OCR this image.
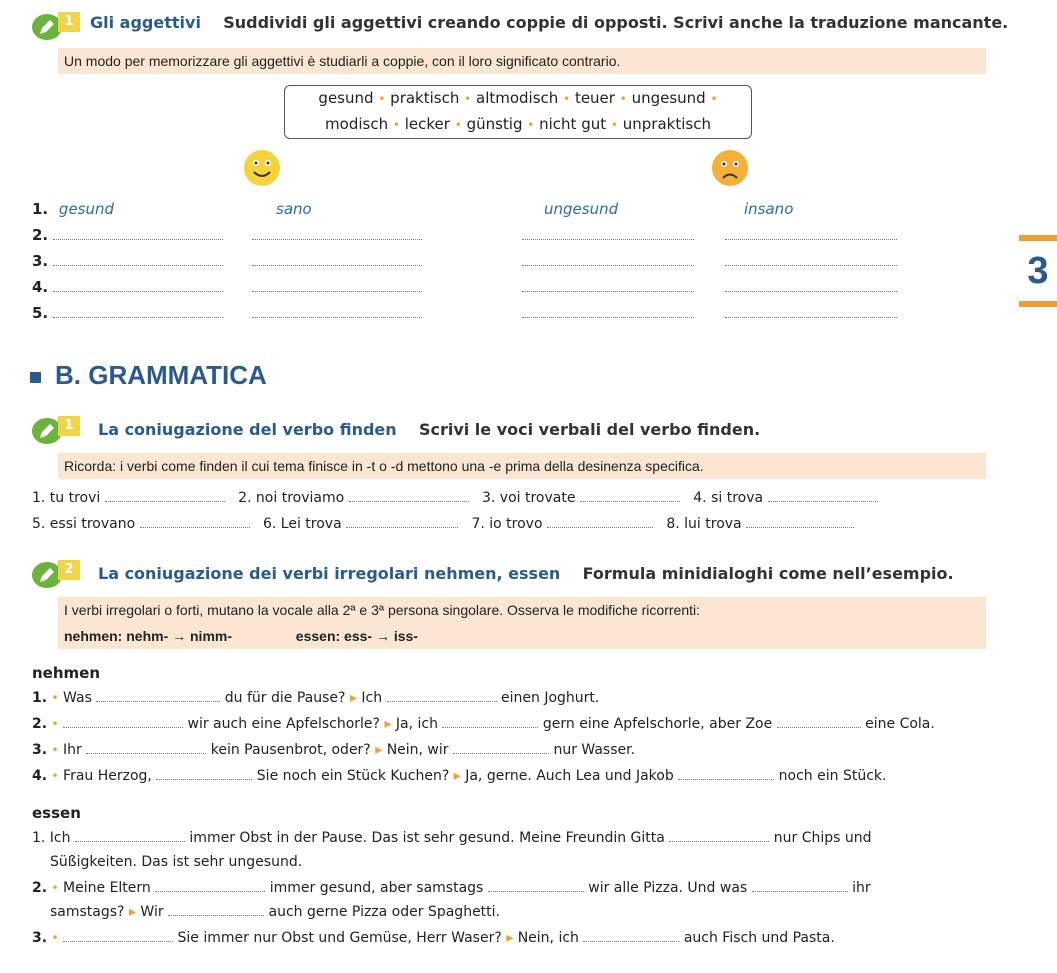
1	Gli aggettivi Suddividi gli aggettivi creando coppie di opposti. Scrivi anche la traduzione mancante.
Un modo per memorizzare gli aggettivi è studiarli a coppie, con il loro significato contrario.
gesund • praktisch • altmodisch • teuer • ungesund •
modisch • lecker • günstig • nicht gut • unpraktisch
1. gesund	sano	ungesund	insano
2.
3.
4.
5.
3
B. GRAMMATICA
1	La coniugazione del verbo finden Scrivi le voci verbali del verbo finden.
Ricorda: i verbi come finden il cui tema finisce in -t o -d mettono una -e prima della desinenza specifica.
1. tu trovi	2. noi troviamo	3. voi trovate	4. si trova
5. essi trovano	6. Lei trova	7. io trovo	8. lui trova
2	La coniugazione dei verbi irregolari nehmen, essen Formula minidialoghi come nell’esempio.
I verbi irregolari o forti, mutano la vocale alla 2ª e 3ª persona singolare. Osserva le modifiche ricorrenti:
nehmen: nehm- → nimm-	essen: ess- → iss-
nehmen
1. • Was	du für die Pause? ▸ Ich	einen Joghurt.
2. •	wir auch eine Apfelschorle? ▸ Ja, ich	gern eine Apfelschorle, aber Zoe	eine Cola.
3. • Ihr	kein Pausenbrot, oder? ▸ Nein, wir	nur Wasser.
4. • Frau Herzog,	Sie noch ein Stück Kuchen? ▸ Ja, gerne. Auch Lea und Jakob	noch ein Stück.
essen
1. Ich	immer Obst in der Pause. Das ist sehr gesund. Meine Freundin Gitta	nur Chips und
Süßigkeiten. Das ist sehr ungesund.
2. • Meine Eltern	immer gesund, aber samstags	wir alle Pizza. Und was	ihr
samstags? ▸ Wir	auch gerne Pizza oder Spaghetti.
3. •	Sie immer nur Obst und Gemüse, Herr Waser? ▸ Nein, ich	auch Fisch und Pasta.
